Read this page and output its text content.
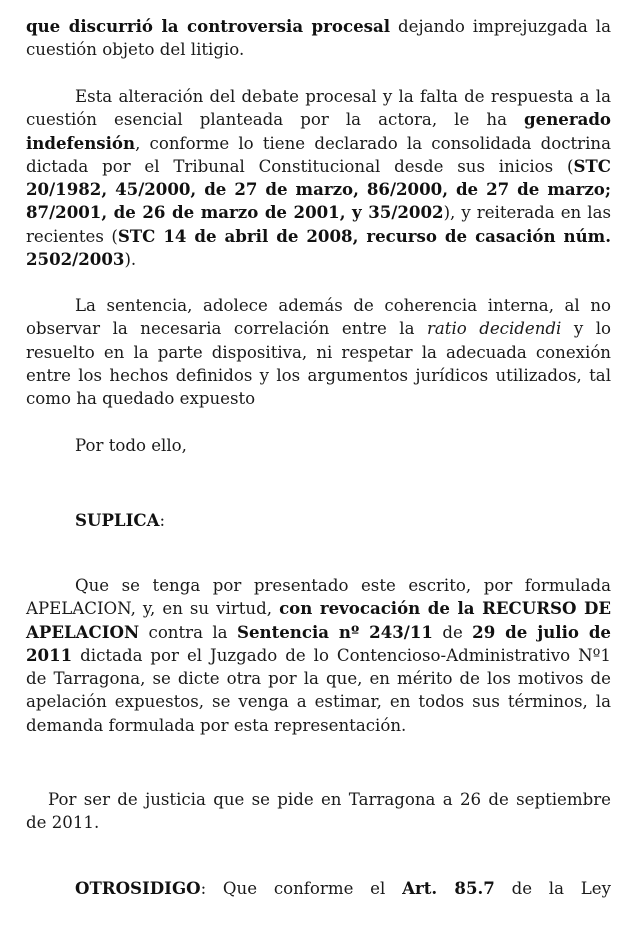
que discurrió la controversia procesal dejando imprejuzgada la cuestión objeto del litigio.

Esta alteración del debate procesal y la falta de respuesta a la cuestión esencial planteada por la actora, le ha generado indefensión, conforme lo tiene declarado la consolidada doctrina dictada por el Tribunal Constitucional desde sus inicios (STC 20/1982, 45/2000, de 27 de marzo, 86/2000, de 27 de marzo; 87/2001, de 26 de marzo de 2001, y 35/2002), y reiterada en las recientes (STC 14 de abril de 2008, recurso de casación núm. 2502/2003).

La sentencia, adolece además de coherencia interna, al no observar la necesaria correlación entre la ratio decidendi y lo resuelto en la parte dispositiva, ni respetar la adecuada conexión entre los hechos definidos y los argumentos jurídicos utilizados, tal como ha quedado expuesto

Por todo ello,

SUPLICA:

Que se tenga por presentado este escrito, por formulada APELACION, y, en su virtud, con revocación de la RECURSO DE APELACION contra la Sentencia nº 243/11 de 29 de julio de 2011 dictada por el Juzgado de lo Contencioso-Administrativo Nº1 de Tarragona, se dicte otra por la que, en mérito de los motivos de apelación expuestos, se venga a estimar, en todos sus términos, la demanda formulada por esta representación.

Por ser de justicia que se pide en Tarragona a 26 de septiembre de 2011.

OTROSIDIGO: Que conforme el Art. 85.7 de la Ley
